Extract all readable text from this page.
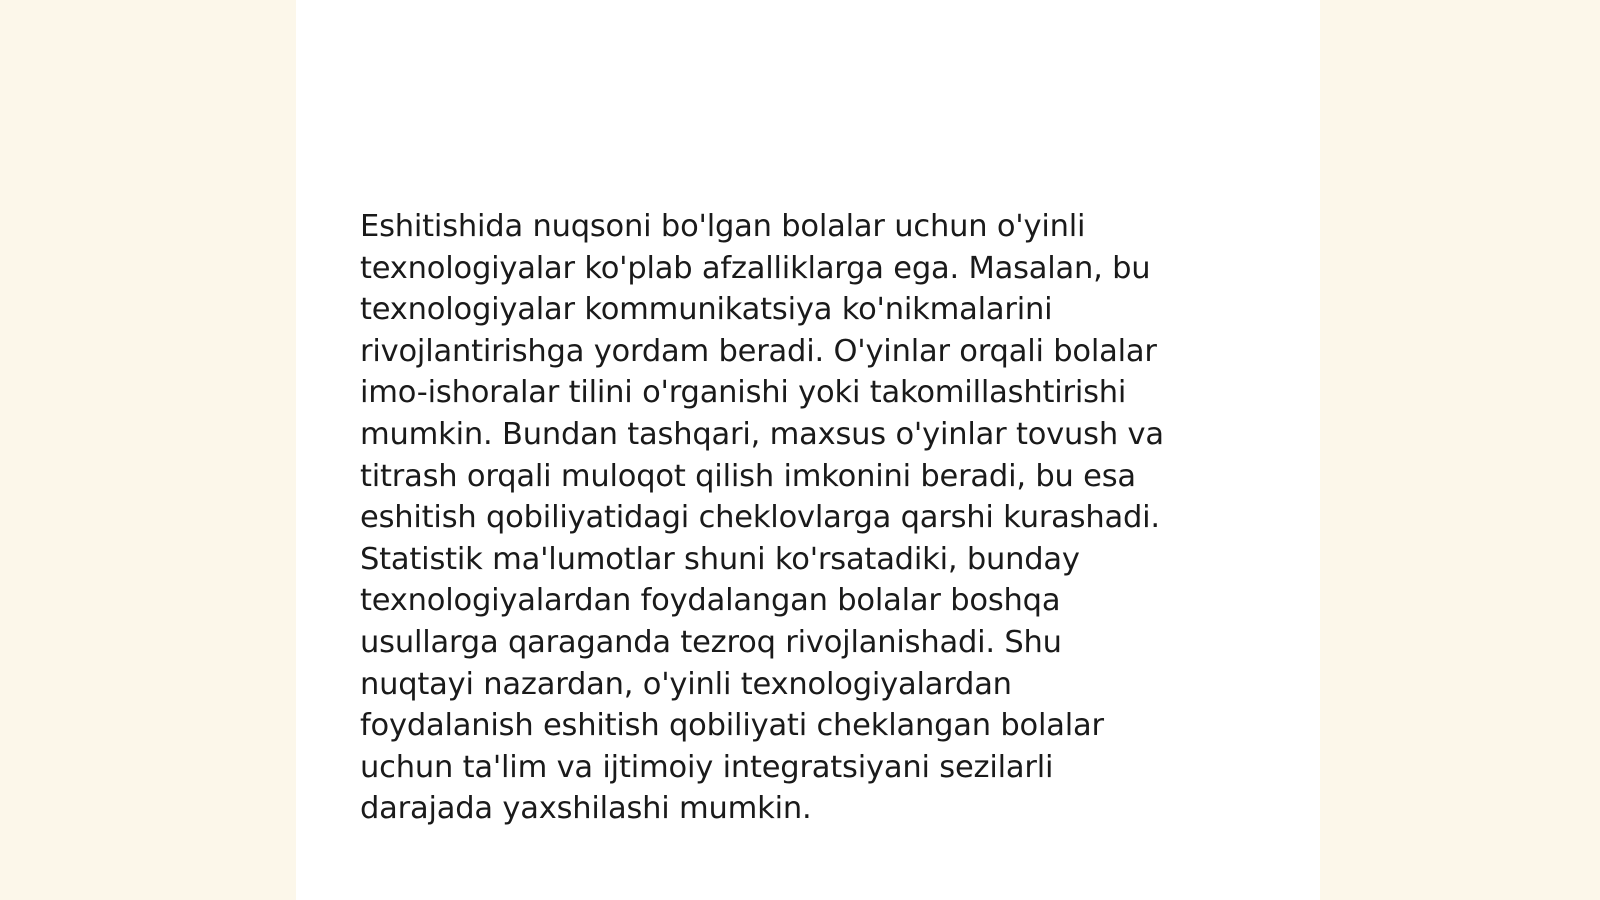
Eshitishida nuqsoni bo'lgan bolalar uchun o'yinli
texnologiyalar ko'plab afzalliklarga ega. Masalan, bu
texnologiyalar kommunikatsiya ko'nikmalarini
rivojlantirishga yordam beradi. O'yinlar orqali bolalar
imo-ishoralar tilini o'rganishi yoki takomillashtirishi
mumkin. Bundan tashqari, maxsus o'yinlar tovush va
titrash orqali muloqot qilish imkonini beradi, bu esa
eshitish qobiliyatidagi cheklovlarga qarshi kurashadi.
Statistik ma'lumotlar shuni ko'rsatadiki, bunday
texnologiyalardan foydalangan bolalar boshqa
usullarga qaraganda tezroq rivojlanishadi. Shu
nuqtayi nazardan, o'yinli texnologiyalardan
foydalanish eshitish qobiliyati cheklangan bolalar
uchun ta'lim va ijtimoiy integratsiyani sezilarli
darajada yaxshilashi mumkin.
